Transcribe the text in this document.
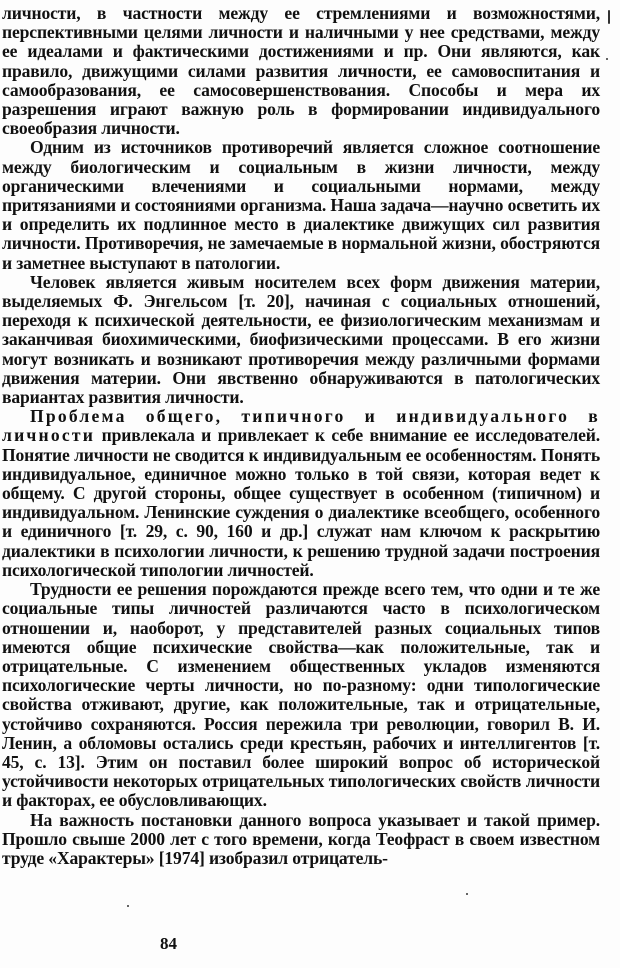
личности, в частности между ее стремлениями и возможностями, перспективными целями личности и наличными у нее средствами, между ее идеалами и фактическими достижениями и пр. Они являются, как правило, движущими силами развития личности, ее самовоспитания и самообразования, ее самосовершенствования. Способы и мера их разрешения играют важную роль в формировании индивидуального своеобразия личности.

Одним из источников противоречий является сложное соотношение между биологическим и социальным в жизни личности, между органическими влечениями и социальными нормами, между притязаниями и состояниями организма. Наша задача—научно осветить их и определить их подлинное место в диалектике движущих сил развития личности. Противоречия, не замечаемые в нормальной жизни, обостряются и заметнее выступают в патологии.

Человек является живым носителем всех форм движения материи, выделяемых Ф. Энгельсом [т. 20], начиная с социальных отношений, переходя к психической деятельности, ее физиологическим механизмам и заканчивая биохимическими, биофизическими процессами. В его жизни могут возникать и возникают противоречия между различными формами движения материи. Они явственно обнаруживаются в патологических вариантах развития личности.

Проблема общего, типичного и индивидуального в личности привлекала и привлекает к себе внимание ее исследователей. Понятие личности не сводится к индивидуальным ее особенностям. Понять индивидуальное, единичное можно только в той связи, которая ведет к общему. С другой стороны, общее существует в особенном (типичном) и индивидуальном. Ленинские суждения о диалектике всеобщего, особенного и единичного [т. 29, с. 90, 160 и др.] служат нам ключом к раскрытию диалектики в психологии личности, к решению трудной задачи построения психологической типологии личностей.

Трудности ее решения порождаются прежде всего тем, что одни и те же социальные типы личностей различаются часто в психологическом отношении и, наоборот, у представителей разных социальных типов имеются общие психические свойства—как положительные, так и отрицательные. С изменением общественных укладов изменяются психологические черты личности, но по-разному: одни типологические свойства отживают, другие, как положительные, так и отрицательные, устойчиво сохраняются. Россия пережила три революции, говорил В. И. Ленин, а обломовы остались среди крестьян, рабочих и интеллигентов [т. 45, с. 13]. Этим он поставил более широкий вопрос об исторической устойчивости некоторых отрицательных типологических свойств личности и факторах, ее обусловливающих.

На важность постановки данного вопроса указывает и такой пример. Прошло свыше 2000 лет с того времени, когда Теофраст в своем известном труде «Характеры» [1974] изобразил отрицатель-

84
